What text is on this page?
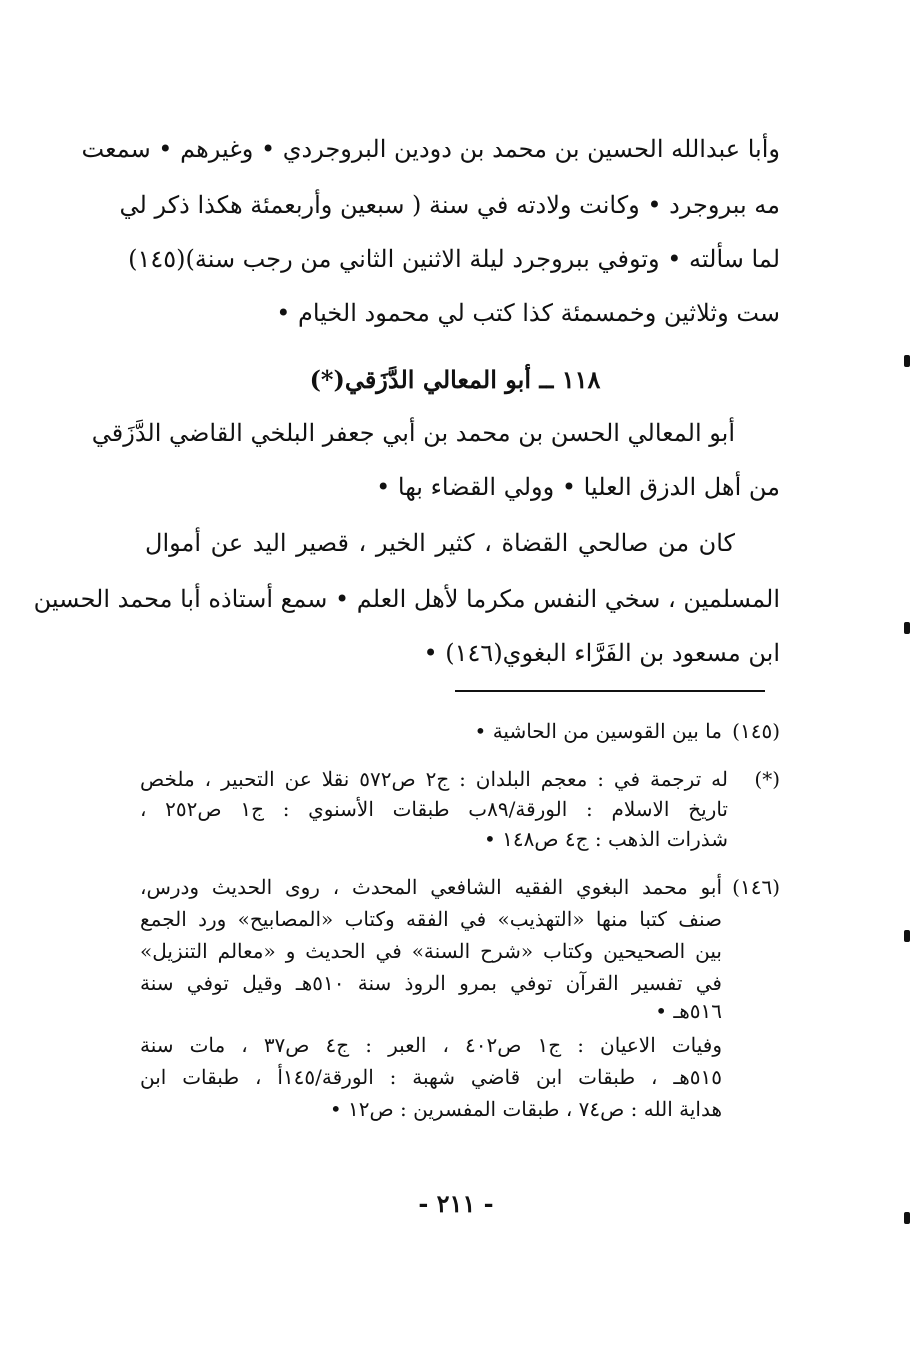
وأبا عبدالله الحسين بن محمد بن دودين البروجردي • وغيرهم • سمعت
مه ببروجرد • وكانت ولادته في سنة ( سبعين وأربعمئة هكذا ذكر لي
لما سألته • وتوفي ببروجرد ليلة الاثنين الثاني من رجب سنة)(١٤٥)
ست وثلاثين وخمسمئة كذا كتب لي محمود الخيام •
١١٨ ــ أبو المعالي الدَّزَقي(*)
أبو المعالي الحسن بن محمد بن أبي جعفر البلخي القاضي الدَّزَقي
من أهل الدزق العليا • وولي القضاء بها •
كان من صالحي القضاة ، كثير الخير ، قصير اليد عن أموال
المسلمين ، سخي النفس مكرما لأهل العلم • سمع أستاذه أبا محمد الحسين
ابن مسعود بن الفَرَّاء البغوي(١٤٦) •
(١٤٥)
ما بين القوسين من الحاشية •
(*)
له ترجمة في : معجم البلدان : ج٢ ص٥٧٢ نقلا عن التحبير ، ملخص
تاريخ الاسلام : الورقة/٨٩ب طبقات الأسنوي : ج١ ص٢٥٢ ،
شذرات الذهب : ج٤ ص١٤٨ •
(١٤٦)
أبو محمد البغوي الفقيه الشافعي المحدث ، روى الحديث ودرس،
صنف كتبا منها «التهذيب» في الفقه وكتاب «المصابيح» ورد الجمع
بين الصحيحين وكتاب «شرح السنة» في الحديث و «معالم التنزيل»
في تفسير القرآن توفي بمرو الروذ سنة ٥١٠هـ وقيل توفي سنة
٥١٦هـ •
وفيات الاعيان : ج١ ص٤٠٢ ، العبر : ج٤ ص٣٧ ، مات سنة
٥١٥هـ ، طبقات ابن قاضي شهبة : الورقة/١٤٥أ ، طبقات ابن
هداية الله : ص٧٤ ، طبقات المفسرين : ص١٢ •
- ٢١١ -
